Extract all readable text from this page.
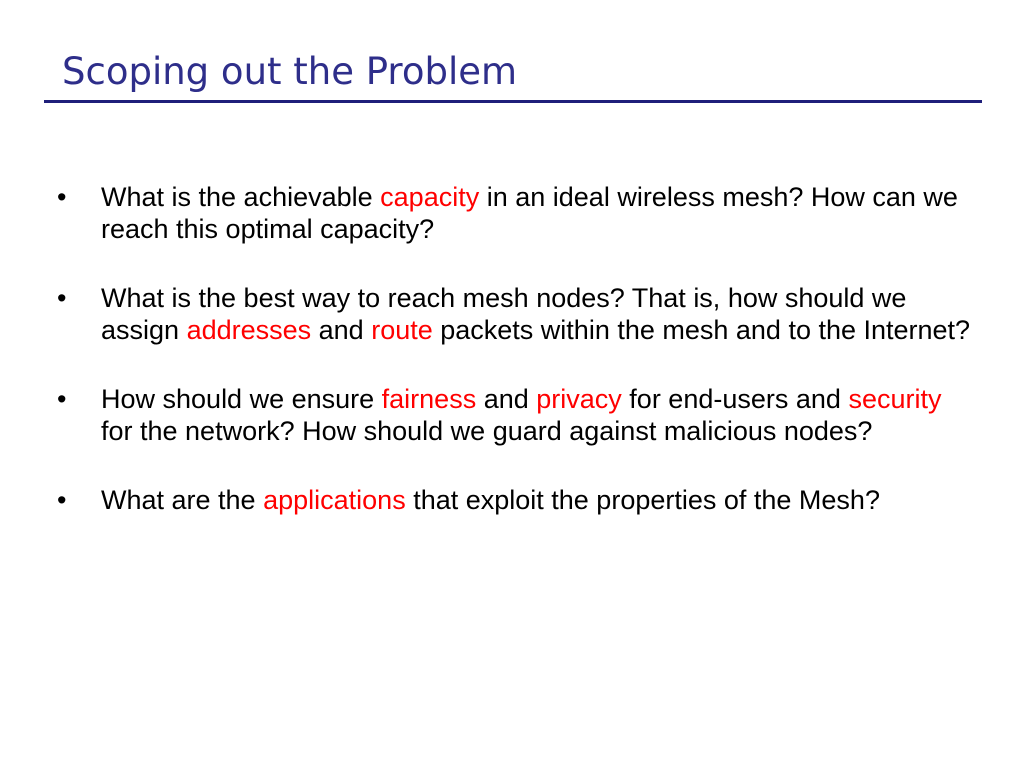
Scoping out the Problem
•	What is the achievable capacity in an ideal wireless mesh? How can we reach this optimal capacity?
•	What is the best way to reach mesh nodes? That is, how should we assign addresses and route packets within the mesh and to the Internet?
•	How should we ensure fairness and privacy for end-users and security for the network? How should we guard against malicious nodes?
•	What are the applications that exploit the properties of the Mesh?
